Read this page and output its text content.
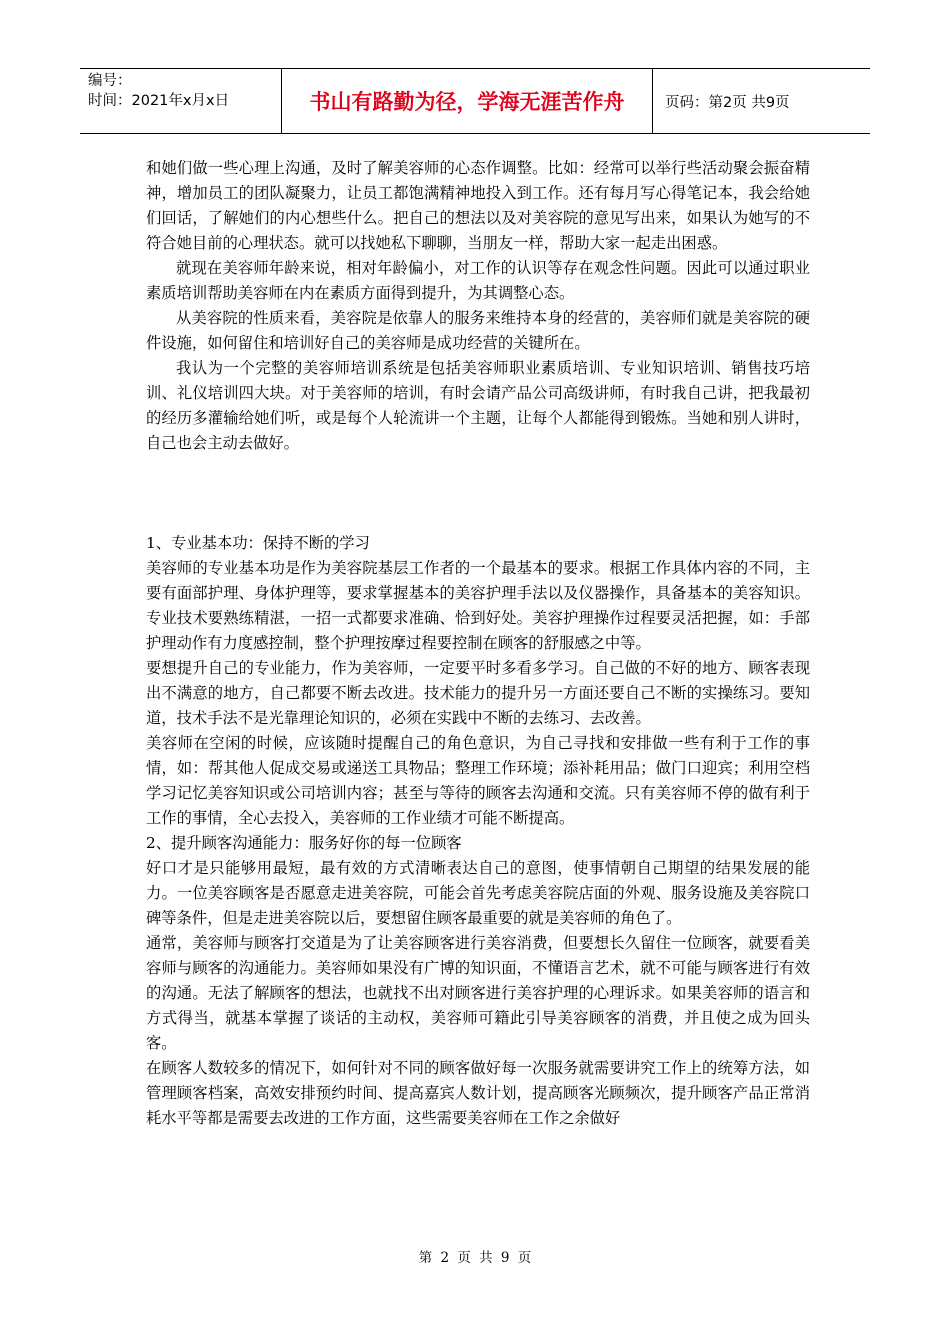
编号：
时间：2021年x月x日	书山有路勤为径，学海无涯苦作舟	页码：第2页 共9页

和她们做一些心理上沟通，及时了解美容师的心态作调整。比如：经常可以举行些活动聚会振奋精神，增加员工的团队凝聚力，让员工都饱满精神地投入到工作。还有每月写心得笔记本，我会给她们回话，了解她们的内心想些什么。把自己的想法以及对美容院的意见写出来，如果认为她写的不符合她目前的心理状态。就可以找她私下聊聊，当朋友一样，帮助大家一起走出困惑。

就现在美容师年龄来说，相对年龄偏小，对工作的认识等存在观念性问题。因此可以通过职业素质培训帮助美容师在内在素质方面得到提升，为其调整心态。

从美容院的性质来看，美容院是依靠人的服务来维持本身的经营的，美容师们就是美容院的硬件设施，如何留住和培训好自己的美容师是成功经营的关键所在。

我认为一个完整的美容师培训系统是包括美容师职业素质培训、专业知识培训、销售技巧培训、礼仪培训四大块。对于美容师的培训，有时会请产品公司高级讲师，有时我自己讲，把我最初的经历多灌输给她们听，或是每个人轮流讲一个主题，让每个人都能得到锻炼。当她和别人讲时，自己也会主动去做好。

1、专业基本功：保持不断的学习

美容师的专业基本功是作为美容院基层工作者的一个最基本的要求。根据工作具体内容的不同，主要有面部护理、身体护理等，要求掌握基本的美容护理手法以及仪器操作，具备基本的美容知识。专业技术要熟练精湛，一招一式都要求准确、恰到好处。美容护理操作过程要灵活把握，如：手部护理动作有力度感控制，整个护理按摩过程要控制在顾客的舒服感之中等。

要想提升自己的专业能力，作为美容师，一定要平时多看多学习。自己做的不好的地方、顾客表现出不满意的地方，自己都要不断去改进。技术能力的提升另一方面还要自己不断的实操练习。要知道，技术手法不是光靠理论知识的，必须在实践中不断的去练习、去改善。

美容师在空闲的时候，应该随时提醒自己的角色意识，为自己寻找和安排做一些有利于工作的事情，如：帮其他人促成交易或递送工具物品；整理工作环境；添补耗用品；做门口迎宾；利用空档学习记忆美容知识或公司培训内容；甚至与等待的顾客去沟通和交流。只有美容师不停的做有利于工作的事情，全心去投入，美容师的工作业绩才可能不断提高。

2、提升顾客沟通能力：服务好你的每一位顾客

好口才是只能够用最短，最有效的方式清晰表达自己的意图，使事情朝自己期望的结果发展的能力。一位美容顾客是否愿意走进美容院，可能会首先考虑美容院店面的外观、服务设施及美容院口碑等条件，但是走进美容院以后，要想留住顾客最重要的就是美容师的角色了。

通常，美容师与顾客打交道是为了让美容顾客进行美容消费，但要想长久留住一位顾客，就要看美容师与顾客的沟通能力。美容师如果没有广博的知识面，不懂语言艺术，就不可能与顾客进行有效的沟通。无法了解顾客的想法，也就找不出对顾客进行美容护理的心理诉求。如果美容师的语言和方式得当，就基本掌握了谈话的主动权，美容师可籍此引导美容顾客的消费，并且使之成为回头客。

在顾客人数较多的情况下，如何针对不同的顾客做好每一次服务就需要讲究工作上的统筹方法，如管理顾客档案，高效安排预约时间、提高嘉宾人数计划，提高顾客光顾频次，提升顾客产品正常消耗水平等都是需要去改进的工作方面，这些需要美容师在工作之余做好

第 2 页 共 9 页
